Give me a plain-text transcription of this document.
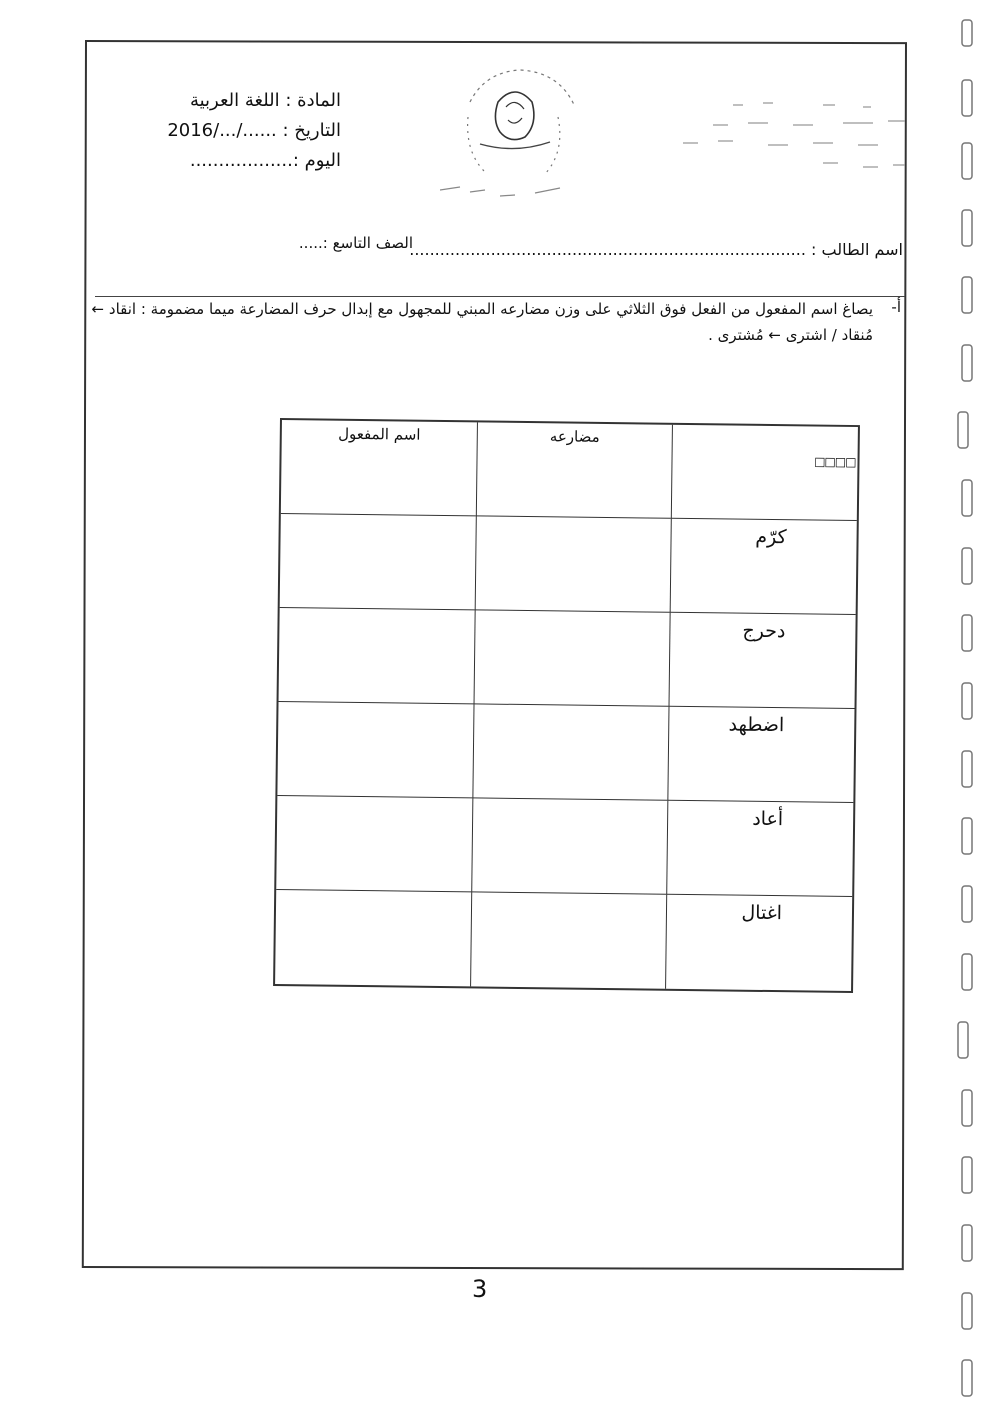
المادة : اللغة العربية
التاريخ : ....../.../2016
اليوم :..................
اسم الطالب : ..............................................................................
الصف التاسع :.....
أ-
يصاغ اسم المفعول من الفعل فوق الثلاثي على وزن مضارعه المبني للمجهول مع إبدال حرف المضارعة ميما مضمومة : انقاد ← مُنقاد / اشترى ← مُشترى .
اسم المفعول	مضارعه
□□□□
كرّم
دحرج
اضطهد
أعاد
اغتال
3
